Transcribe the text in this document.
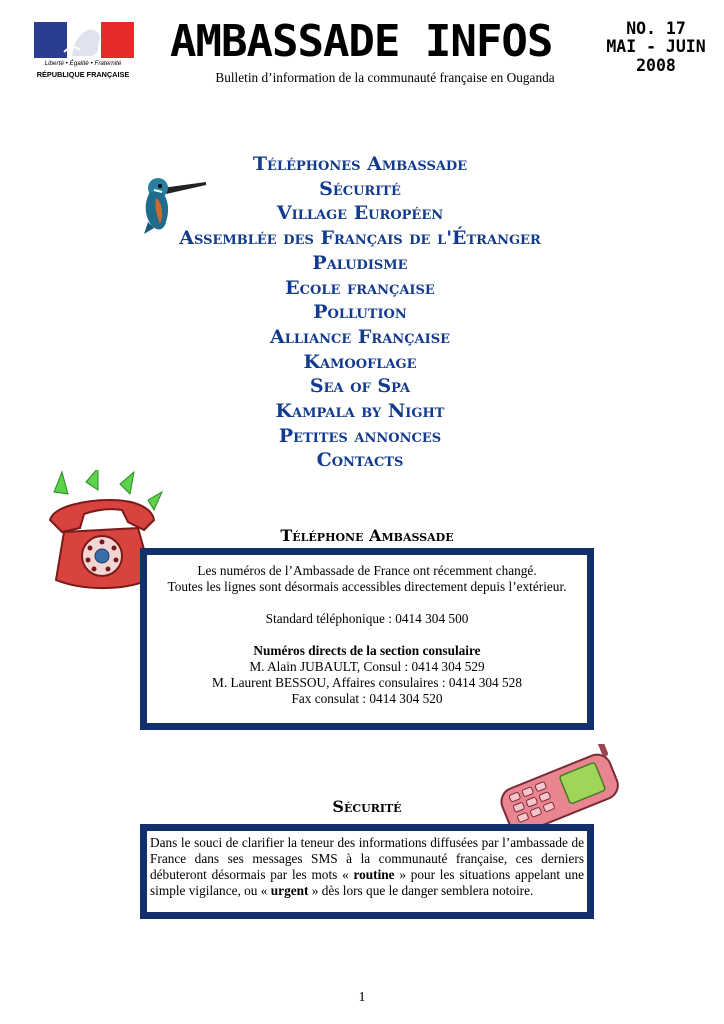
Liberté • Égalité • Fraternité
RÉPUBLIQUE FRANÇAISE
AMBASSADE INFOS	NO. 17
MAI - JUIN
2008
Bulletin d’information de la communauté française en Ouganda
Téléphones Ambassade
Sécurité
Village Européen
Assemblée des Français de l'Étranger
Paludisme
Ecole française
Pollution
Alliance Française
Kamooflage
Sea of Spa
Kampala by Night
Petites annonces
Contacts
Téléphone Ambassade

Les numéros de l’Ambassade de France ont récemment changé.

Toutes les lignes sont désormais accessibles directement depuis l’extérieur.

Standard téléphonique : 0414 304 500

Numéros directs de la section consulaire

M. Alain JUBAULT, Consul : 0414 304 529

M. Laurent BESSOU, Affaires consulaires : 0414 304 528

Fax consulat : 0414 304 520

Sécurité
Dans le souci de clarifier la teneur des informations diffusées par l’ambassade de France dans ses messages SMS à la communauté française, ces derniers débuteront désormais par les mots « routine » pour les situations appelant une simple vigilance, ou « urgent » dès lors que le danger semblera notoire.
1
